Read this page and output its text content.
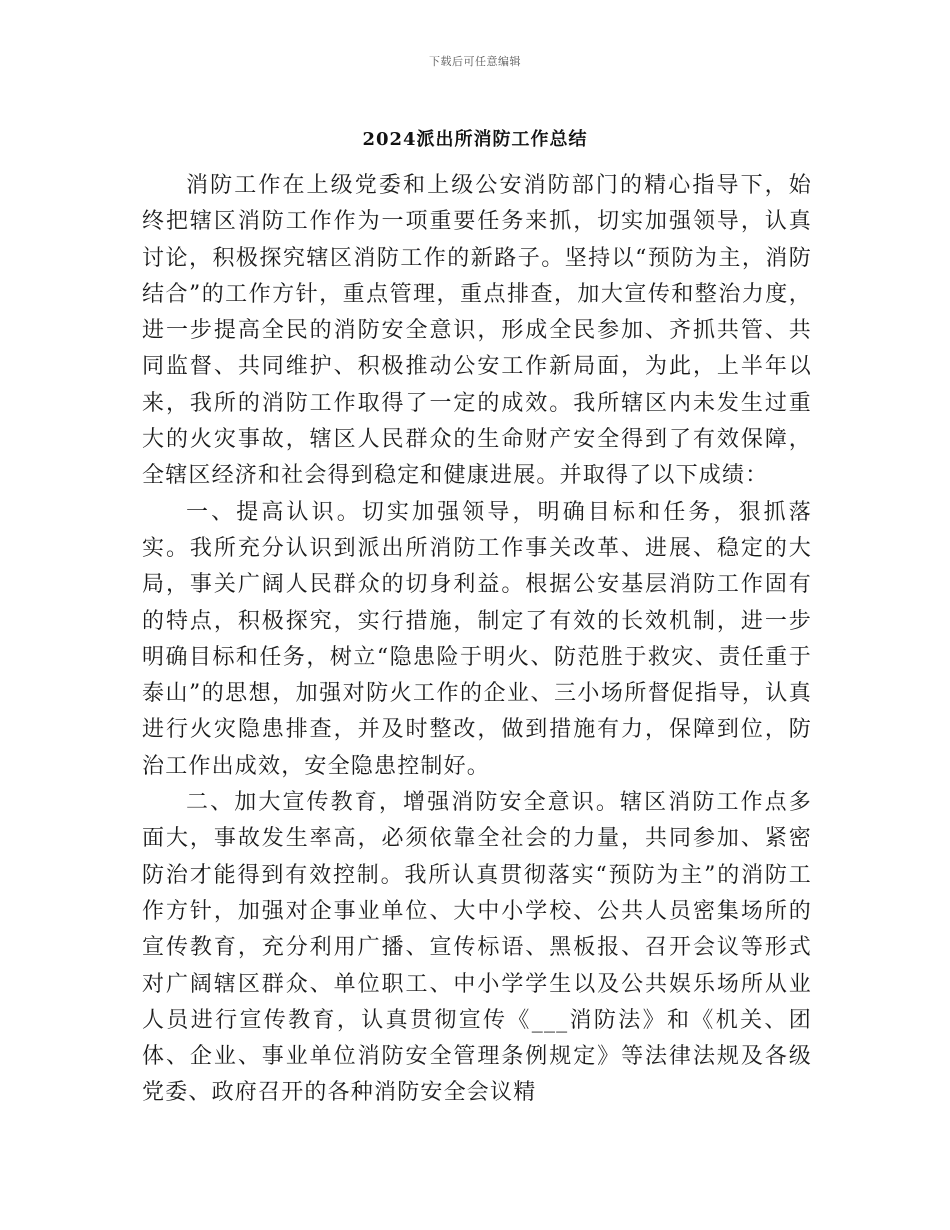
下载后可任意编辑
2024派出所消防工作总结

消防工作在上级党委和上级公安消防部门的精心指导下，始终把辖区消防工作作为一项重要任务来抓，切实加强领导，认真讨论，积极探究辖区消防工作的新路子。坚持以“预防为主，消防结合”的工作方针，重点管理，重点排查，加大宣传和整治力度，进一步提高全民的消防安全意识，形成全民参加、齐抓共管、共同监督、共同维护、积极推动公安工作新局面，为此，上半年以来，我所的消防工作取得了一定的成效。我所辖区内未发生过重大的火灾事故，辖区人民群众的生命财产安全得到了有效保障，全辖区经济和社会得到稳定和健康进展。并取得了以下成绩：

一、提高认识。切实加强领导，明确目标和任务，狠抓落实。我所充分认识到派出所消防工作事关改革、进展、稳定的大局，事关广阔人民群众的切身利益。根据公安基层消防工作固有的特点，积极探究，实行措施，制定了有效的长效机制，进一步明确目标和任务，树立“隐患险于明火、防范胜于救灾、责任重于泰山”的思想，加强对防火工作的企业、三小场所督促指导，认真进行火灾隐患排查，并及时整改，做到措施有力，保障到位，防治工作出成效，安全隐患控制好。

二、加大宣传教育，增强消防安全意识。辖区消防工作点多面大，事故发生率高，必须依靠全社会的力量，共同参加、紧密防治才能得到有效控制。我所认真贯彻落实“预防为主”的消防工作方针，加强对企事业单位、大中小学校、公共人员密集场所的宣传教育，充分利用广播、宣传标语、黑板报、召开会议等形式对广阔辖区群众、单位职工、中小学学生以及公共娱乐场所从业人员进行宣传教育，认真贯彻宣传《___消防法》和《机关、团体、企业、事业单位消防安全管理条例规定》等法律法规及各级党委、政府召开的各种消防安全会议精
